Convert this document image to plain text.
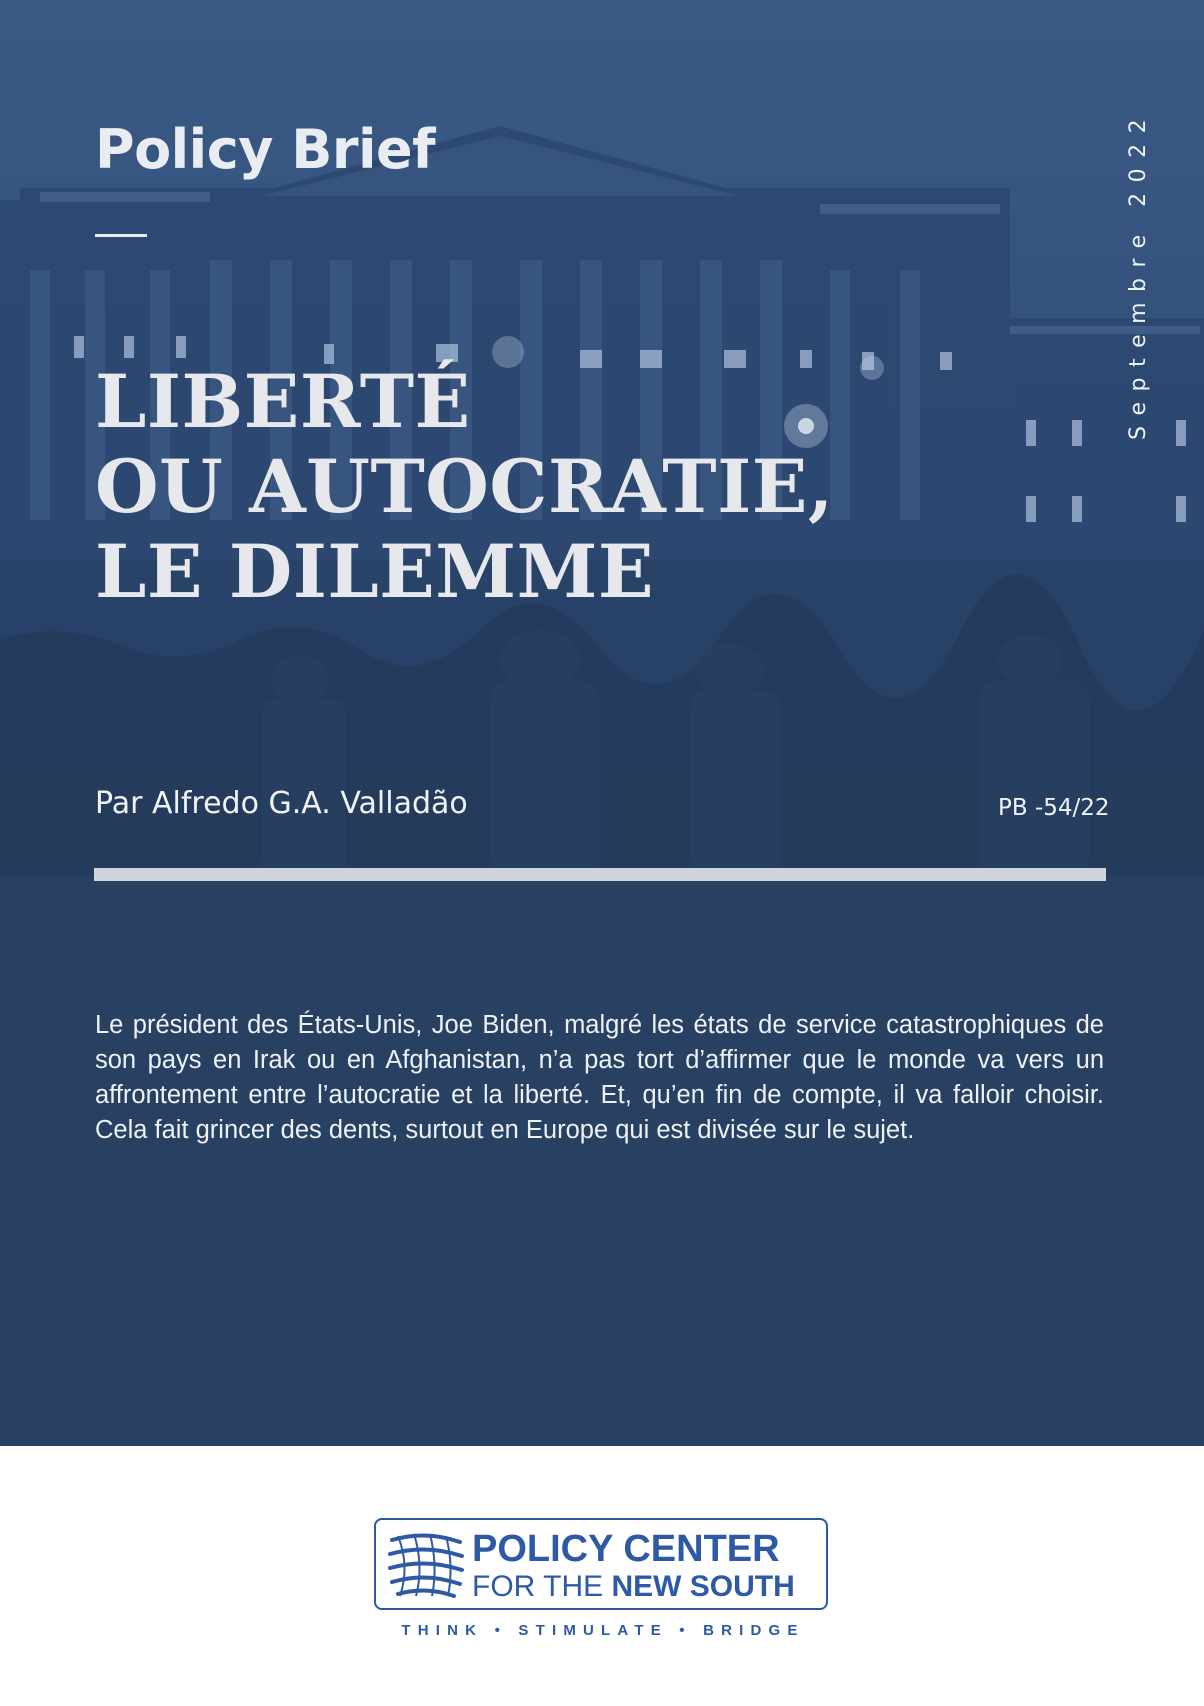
Policy Brief	Septembre 2022
LIBERTÉ
OU AUTOCRATIE,
LE DILEMME
Par Alfredo G.A. Valladão	PB -54/22

Le président des États-Unis, Joe Biden, malgré les états de service catastrophiques de son pays en Irak ou en Afghanistan, n’a pas tort d’affirmer que le monde va vers un affrontement entre l’autocratie et la liberté. Et, qu’en fin de compte, il va falloir choisir. Cela fait grincer des dents, surtout en Europe qui est divisée sur le sujet.

POLICY CENTER
FOR THE NEW SOUTH
THINK • STIMULATE • BRIDGE
